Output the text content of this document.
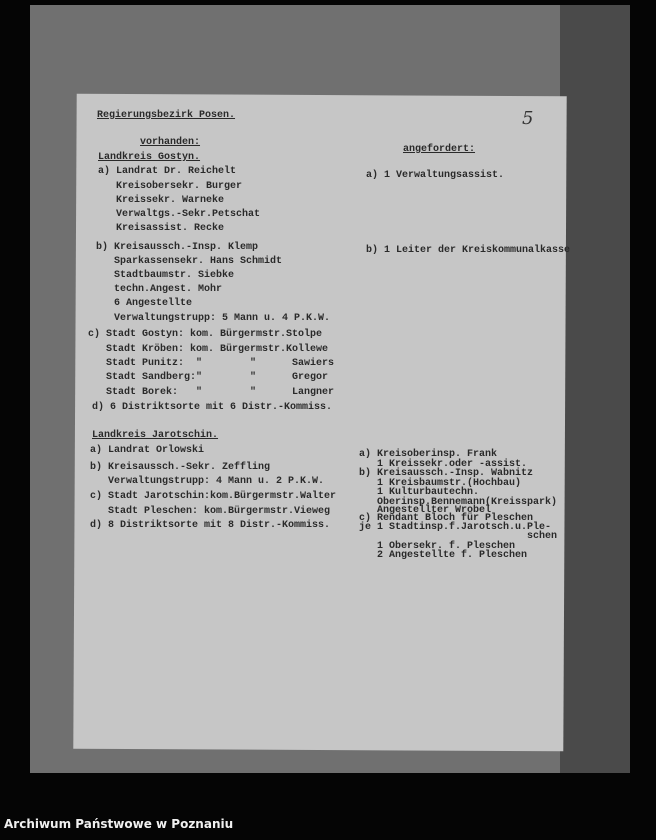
5
Regierungsbezirk Posen.
vorhanden:
angefordert:
Landkreis Gostyn.
Landkreis Jarotschin.
Archiwum Państwowe w Poznaniu
a) Landrat Dr. Reichelt
Kreisobersekr. Burger
Kreissekr. Warneke
Verwaltgs.-Sekr.Petschat
Kreisassist. Recke
b) Kreisaussch.-Insp. Klemp
Sparkassensekr. Hans Schmidt
Stadtbaumstr. Siebke
techn.Angest. Mohr
6 Angestellte
Verwaltungstrupp: 5 Mann u. 4 P.K.W.
c) Stadt Gostyn: kom. Bürgermstr.Stolpe
Stadt Kröben: kom. Bürgermstr.Kollewe
Stadt Punitz:  "        "      Sawiers
Stadt Sandberg:"        "      Gregor
Stadt Borek:   "        "      Langner
d) 6 Distriktsorte mit 6 Distr.-Kommiss.
a) Landrat Orlowski
b) Kreisaussch.-Sekr. Zeffling
Verwaltungstrupp: 4 Mann u. 2 P.K.W.
c) Stadt Jarotschin:kom.Bürgermstr.Walter
Stadt Pleschen: kom.Bürgermstr.Vieweg
d) 8 Distriktsorte mit 8 Distr.-Kommiss.
a) 1 Verwaltungsassist.
b) 1 Leiter der Kreiskommunalkasse
a) Kreisoberinsp. Frank
1 Kreissekr.oder -assist.
b) Kreisaussch.-Insp. Wabnitz
1 Kreisbaumstr.(Hochbau)
1 Kulturbautechn.
Oberinsp.Bennemann(Kreisspark)
Angestellter Wrobel
c) Rendant Bloch für Pleschen
je 1 Stadtinsp.f.Jarotsch.u.Ple-
schen
1 Obersekr. f. Pleschen
2 Angestellte f. Pleschen
